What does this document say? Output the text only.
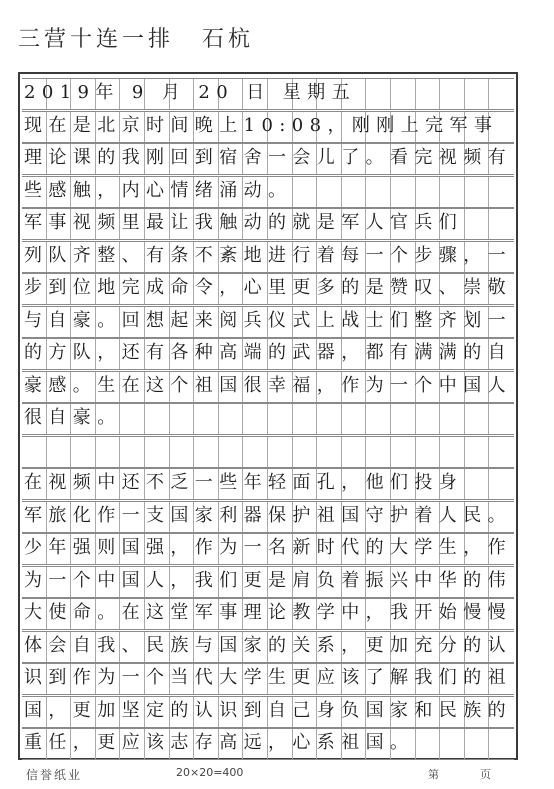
三营十连一排 石杭
2019年 9 月 20 日 星期五
现在是北京时间晚上10:08，刚刚上完军事
理论课的我刚回到宿舍一会儿了。看完视频有
些感触，内心情绪涌动。
军事视频里最让我触动的就是军人官兵们
列队齐整、有条不紊地进行着每一个步骤，一
步到位地完成命令，心里更多的是赞叹、崇敬
与自豪。回想起来阅兵仪式上战士们整齐划一
的方队，还有各种高端的武器，都有满满的自
豪感。生在这个祖国很幸福，作为一个中国人
很自豪。
在视频中还不乏一些年轻面孔，他们投身
军旅化作一支国家利器保护祖国守护着人民。
少年强则国强，作为一名新时代的大学生，作
为一个中国人，我们更是肩负着振兴中华的伟
大使命。在这堂军事理论教学中，我开始慢慢
体会自我、民族与国家的关系，更加充分的认
识到作为一个当代大学生更应该了解我们的祖
国，更加坚定的认识到自己身负国家和民族的
重任，更应该志存高远，心系祖国。
信誉纸业	20×20=400	第	页
